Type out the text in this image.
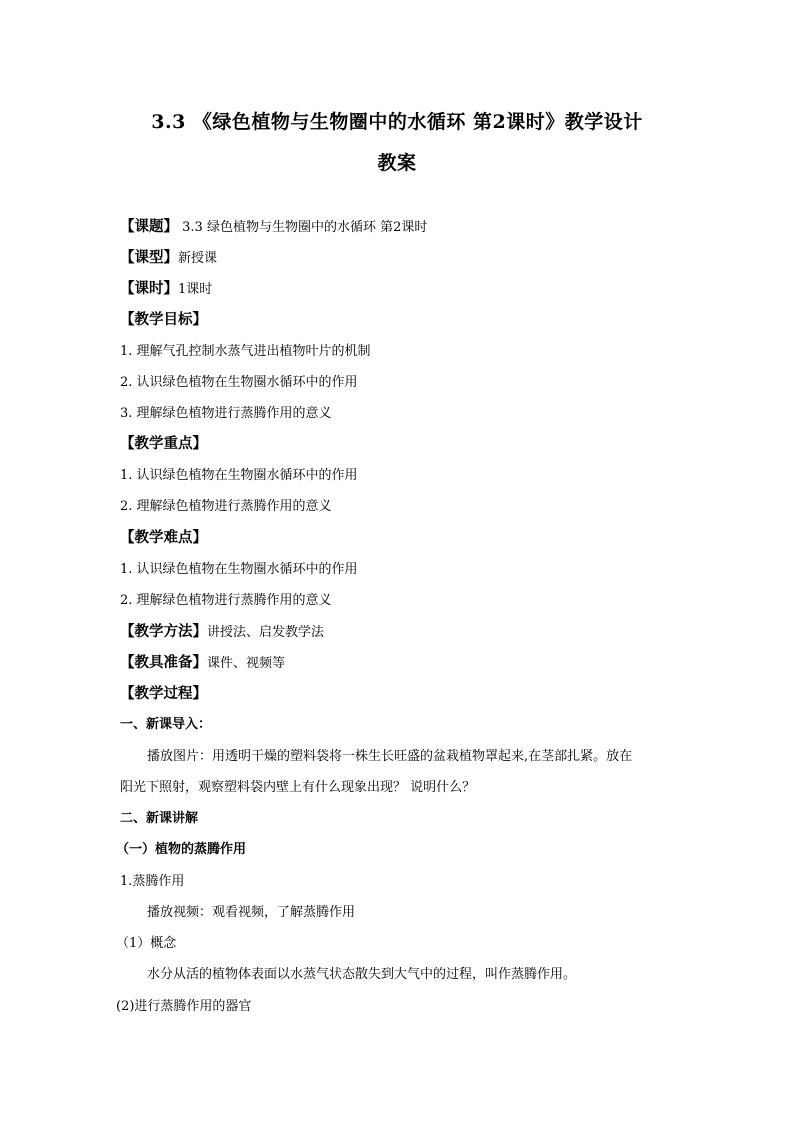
3.3 《绿色植物与生物圈中的水循环 第2课时》教学设计
教案
【课题】 3.3 绿色植物与生物圈中的水循环 第2课时
【课型】新授课
【课时】1课时
【教学目标】
1. 理解气孔控制水蒸气进出植物叶片的机制
2. 认识绿色植物在生物圈水循环中的作用
3. 理解绿色植物进行蒸腾作用的意义
【教学重点】
1. 认识绿色植物在生物圈水循环中的作用
2. 理解绿色植物进行蒸腾作用的意义
【教学难点】
1. 认识绿色植物在生物圈水循环中的作用
2. 理解绿色植物进行蒸腾作用的意义
【教学方法】讲授法、启发教学法
【教具准备】课件、视频等
【教学过程】
一、新课导入：
播放图片：用透明干燥的塑料袋将一株生长旺盛的盆栽植物罩起来,在茎部扎紧。放在
阳光下照射，观察塑料袋内壁上有什么现象出现？ 说明什么？
二、新课讲解
（一）植物的蒸腾作用
1.蒸腾作用
播放视频：观看视频，了解蒸腾作用
（1）概念
水分从活的植物体表面以水蒸气状态散失到大气中的过程，叫作蒸腾作用。
(2)进行蒸腾作用的器官
